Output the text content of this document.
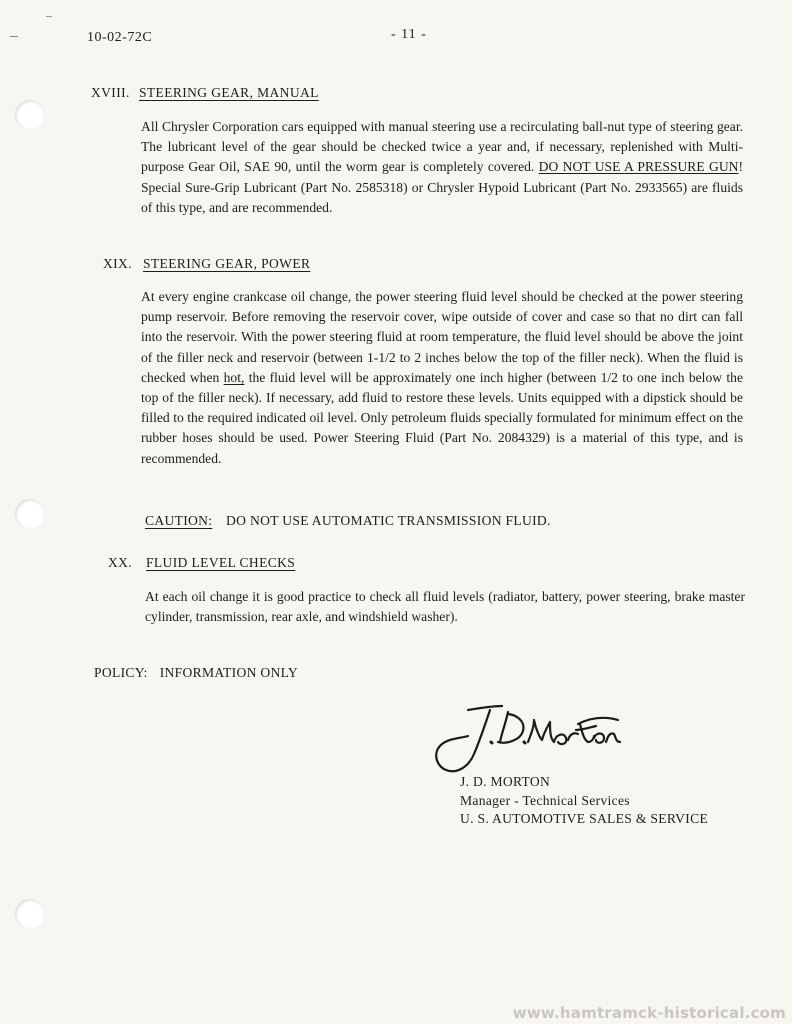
10-02-72C	- 11 -
XVIII. STEERING GEAR, MANUAL
All Chrysler Corporation cars equipped with manual steering use a recirculating ball-nut type of steering gear. The lubricant level of the gear should be checked twice a year and, if necessary, replenished with Multi-purpose Gear Oil, SAE 90, until the worm gear is completely covered. DO NOT USE A PRESSURE GUN! Special Sure-Grip Lubricant (Part No. 2585318) or Chrysler Hypoid Lubricant (Part No. 2933565) are fluids of this type, and are recommended.
XIX. STEERING GEAR, POWER
At every engine crankcase oil change, the power steering fluid level should be checked at the power steering pump reservoir. Before removing the reservoir cover, wipe outside of cover and case so that no dirt can fall into the reservoir. With the power steering fluid at room temperature, the fluid level should be above the joint of the filler neck and reservoir (between 1-1/2 to 2 inches below the top of the filler neck). When the fluid is checked when hot, the fluid level will be approximately one inch higher (between 1/2 to one inch below the top of the filler neck). If necessary, add fluid to restore these levels. Units equipped with a dipstick should be filled to the required indicated oil level. Only petroleum fluids specially formulated for minimum effect on the rubber hoses should be used. Power Steering Fluid (Part No. 2084329) is a material of this type, and is recommended.
CAUTION: DO NOT USE AUTOMATIC TRANSMISSION FLUID.
XX. FLUID LEVEL CHECKS
At each oil change it is good practice to check all fluid levels (radiator, battery, power steering, brake master cylinder, transmission, rear axle, and windshield washer).
POLICY: INFORMATION ONLY
J. D. MORTON
Manager - Technical Services
U. S. AUTOMOTIVE SALES & SERVICE
www.hamtramck-historical.com
